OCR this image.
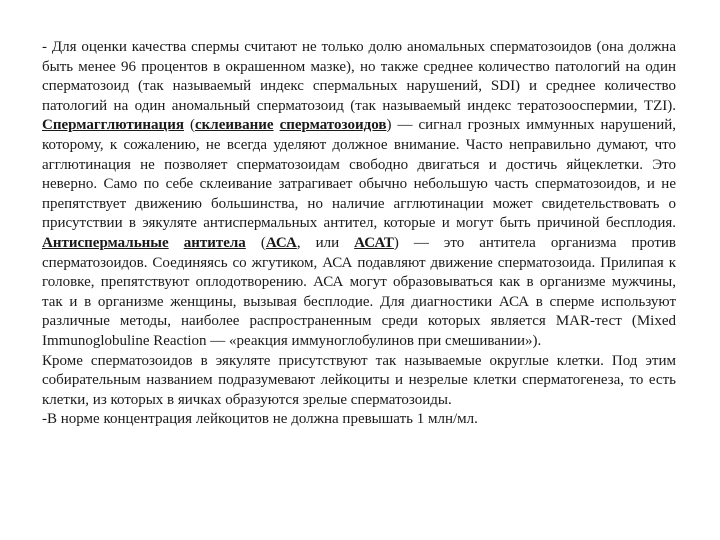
- Для оценки качества спермы считают не только долю аномальных сперматозоидов (она должна быть менее 96 процентов в окрашенном мазке), но также среднее количество патологий на один сперматозоид (так называемый индекс спермальных нарушений, SDI) и среднее количество патологий на один аномальный сперматозоид (так называемый индекс тератозооспермии, TZI).

Спермагглютинация (склеивание сперматозоидов) — сигнал грозных иммунных нарушений, которому, к сожалению, не всегда уделяют должное внимание. Часто неправильно думают, что агглютинация не позволяет сперматозоидам свободно двигаться и достичь яйцеклетки. Это неверно. Само по себе склеивание затрагивает обычно небольшую часть сперматозоидов, и не препятствует движению большинства, но наличие агглютинации может свидетельствовать о присутствии в эякуляте антиспермальных антител, которые и могут быть причиной бесплодия.

Антиспермальные антитела (АСА, или АСАТ) — это антитела организма против сперматозоидов. Соединяясь со жгутиком, АСА подавляют движение сперматозоида. Прилипая к головке, препятствуют оплодотворению. АСА могут образовываться как в организме мужчины, так и в организме женщины, вызывая бесплодие. Для диагностики АСА в сперме используют различные методы, наиболее распространенным среди которых является MAR-тест (Mixed Immunoglobuline Reaction — «реакция иммуноглобулинов при смешивании»).

Кроме сперматозоидов в эякуляте присутствуют так называемые округлые клетки. Под этим собирательным названием подразумевают лейкоциты и незрелые клетки сперматогенеза, то есть клетки, из которых в яичках образуются зрелые сперматозоиды.

-В норме концентрация лейкоцитов не должна превышать 1 млн/мл.
